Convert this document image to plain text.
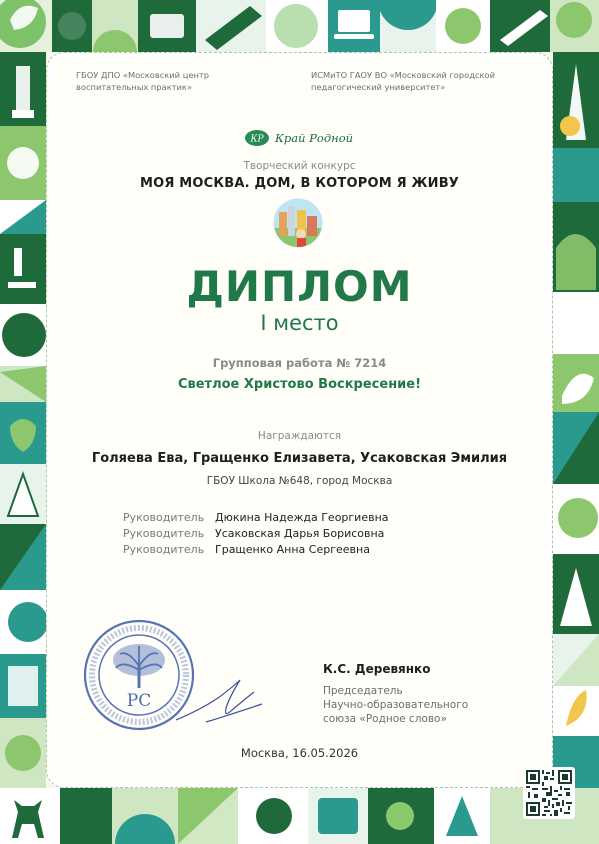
ГБОУ ДПО «Московский центр
воспитательных практик»
ИСМиТО ГАОУ ВО «Московский городской
педагогический университет»
КР Край Родной
Творческий конкурс
МОЯ МОСКВА. ДОМ, В КОТОРОМ Я ЖИВУ
ДИПЛОМ
I место
Групповая работа № 7214
Светлое Христово Воскресение!
Награждаются
Голяева Ева, Гращенко Елизавета, Усаковская Эмилия
ГБОУ Школа №648, город Москва
Руководитель Дюкина Надежда Георгиевна
Руководитель Усаковская Дарья Борисовна
Руководитель Гращенко Анна Сергеевна
PC
К.С. Деревянко
Председатель
Научно-образовательного
союза «Родное слово»
Москва, 16.05.2026
